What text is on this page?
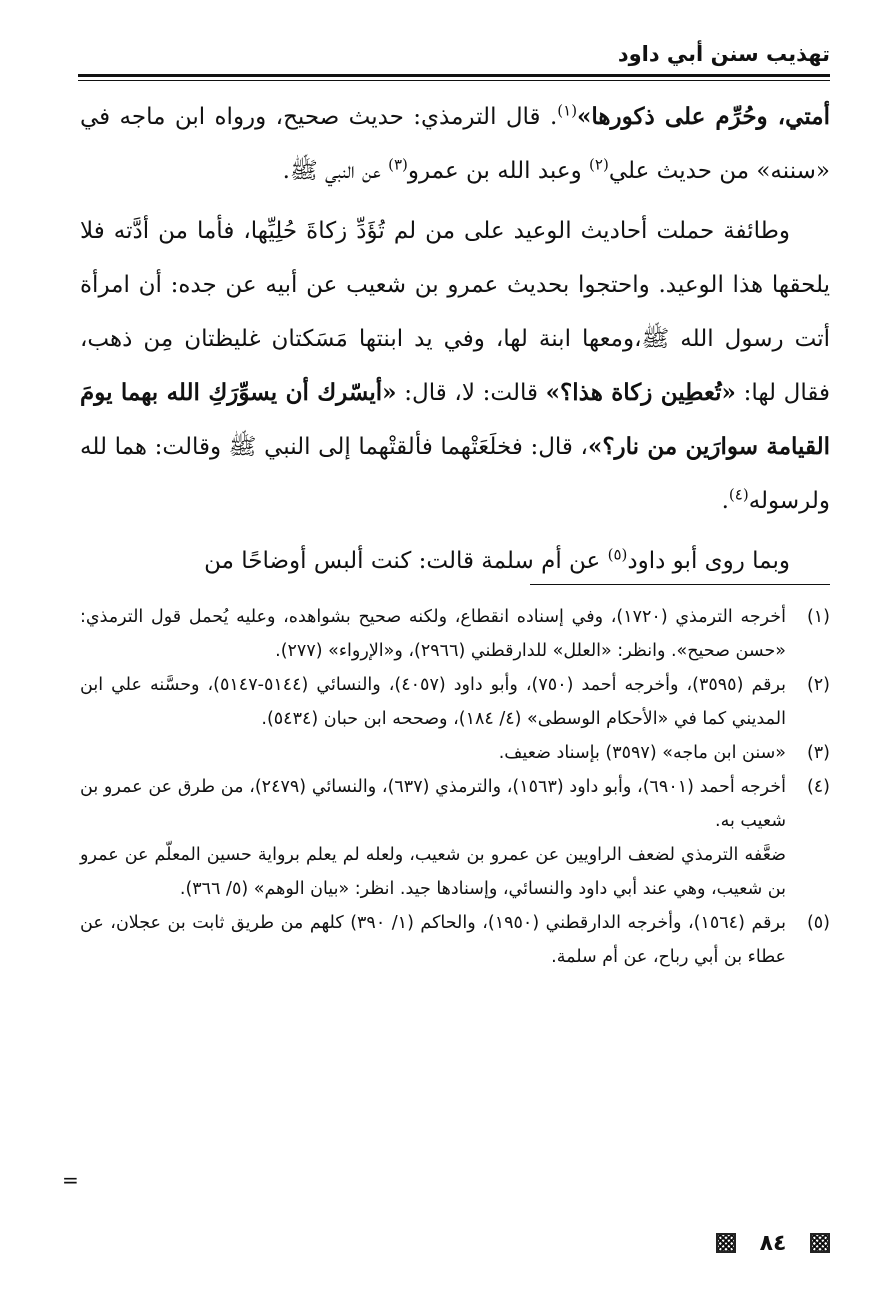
تهذيب سنن أبي داود

أمتي، وحُرِّم على ذكورها»$^{(١)}$. قال الترمذي: حديث صحيح، ورواه ابن ماجه في «سننه» من حديث علي$^{(٢)}$ وعبد الله بن عمرو$^{(٣)}$ عن النبي ﷺ.

وطائفة حملت أحاديث الوعيد على من لم تُؤَدِّ زكاةَ حُلِيِّها، فأما من أدَّته فلا يلحقها هذا الوعيد. واحتجوا بحديث عمرو بن شعيب عن أبيه عن جده: أن امرأة أتت رسول الله ﷺ،ومعها ابنة لها، وفي يد ابنتها مَسَكتان غليظتان مِن ذهب، فقال لها: «تُعطِين زكاة هذا؟» قالت: لا، قال: «أيسّرك أن يسوِّرَكِ الله بهما يومَ القيامة سوارَين من نار؟»، قال: فخلَعَتْهما فألقتْهما إلى النبي ﷺ وقالت: هما لله ولرسوله$^{(٤)}$.

وبما روى أبو داود$^{(٥)}$ عن أم سلمة قالت: كنت ألبس أوضاحًا من

(١)

أخرجه الترمذي (١٧٢٠)، وفي إسناده انقطاع، ولكنه صحيح بشواهده، وعليه يُحمل قول الترمذي: «حسن صحيح». وانظر: «العلل» للدارقطني (٢٩٦٦)، و«الإرواء» (٢٧٧).

(٢)

برقم (٣٥٩٥)، وأخرجه أحمد (٧٥٠)، وأبو داود (٤٠٥٧)، والنسائي (٥١٤٤-٥١٤٧)، وحسَّنه علي ابن المديني كما في «الأحكام الوسطى» (٤/ ١٨٤)، وصححه ابن حبان (٥٤٣٤).

(٣)

«سنن ابن ماجه» (٣٥٩٧) بإسناد ضعيف.

(٤)

أخرجه أحمد (٦٩٠١)، وأبو داود (١٥٦٣)، والترمذي (٦٣٧)، والنسائي (٢٤٧٩)، من طرق عن عمرو بن شعيب به.

ضعَّفه الترمذي لضعف الراويين عن عمرو بن شعيب، ولعله لم يعلم برواية حسين المعلّم عن عمرو بن شعيب، وهي عند أبي داود والنسائي، وإسنادها جيد. انظر: «بيان الوهم» (٥/ ٣٦٦).

(٥)

برقم (١٥٦٤)، وأخرجه الدارقطني (١٩٥٠)، والحاكم (١/ ٣٩٠) كلهم من طريق ثابت بن عجلان، عن عطاء بن أبي رباح، عن أم سلمة.

=
٨٤
